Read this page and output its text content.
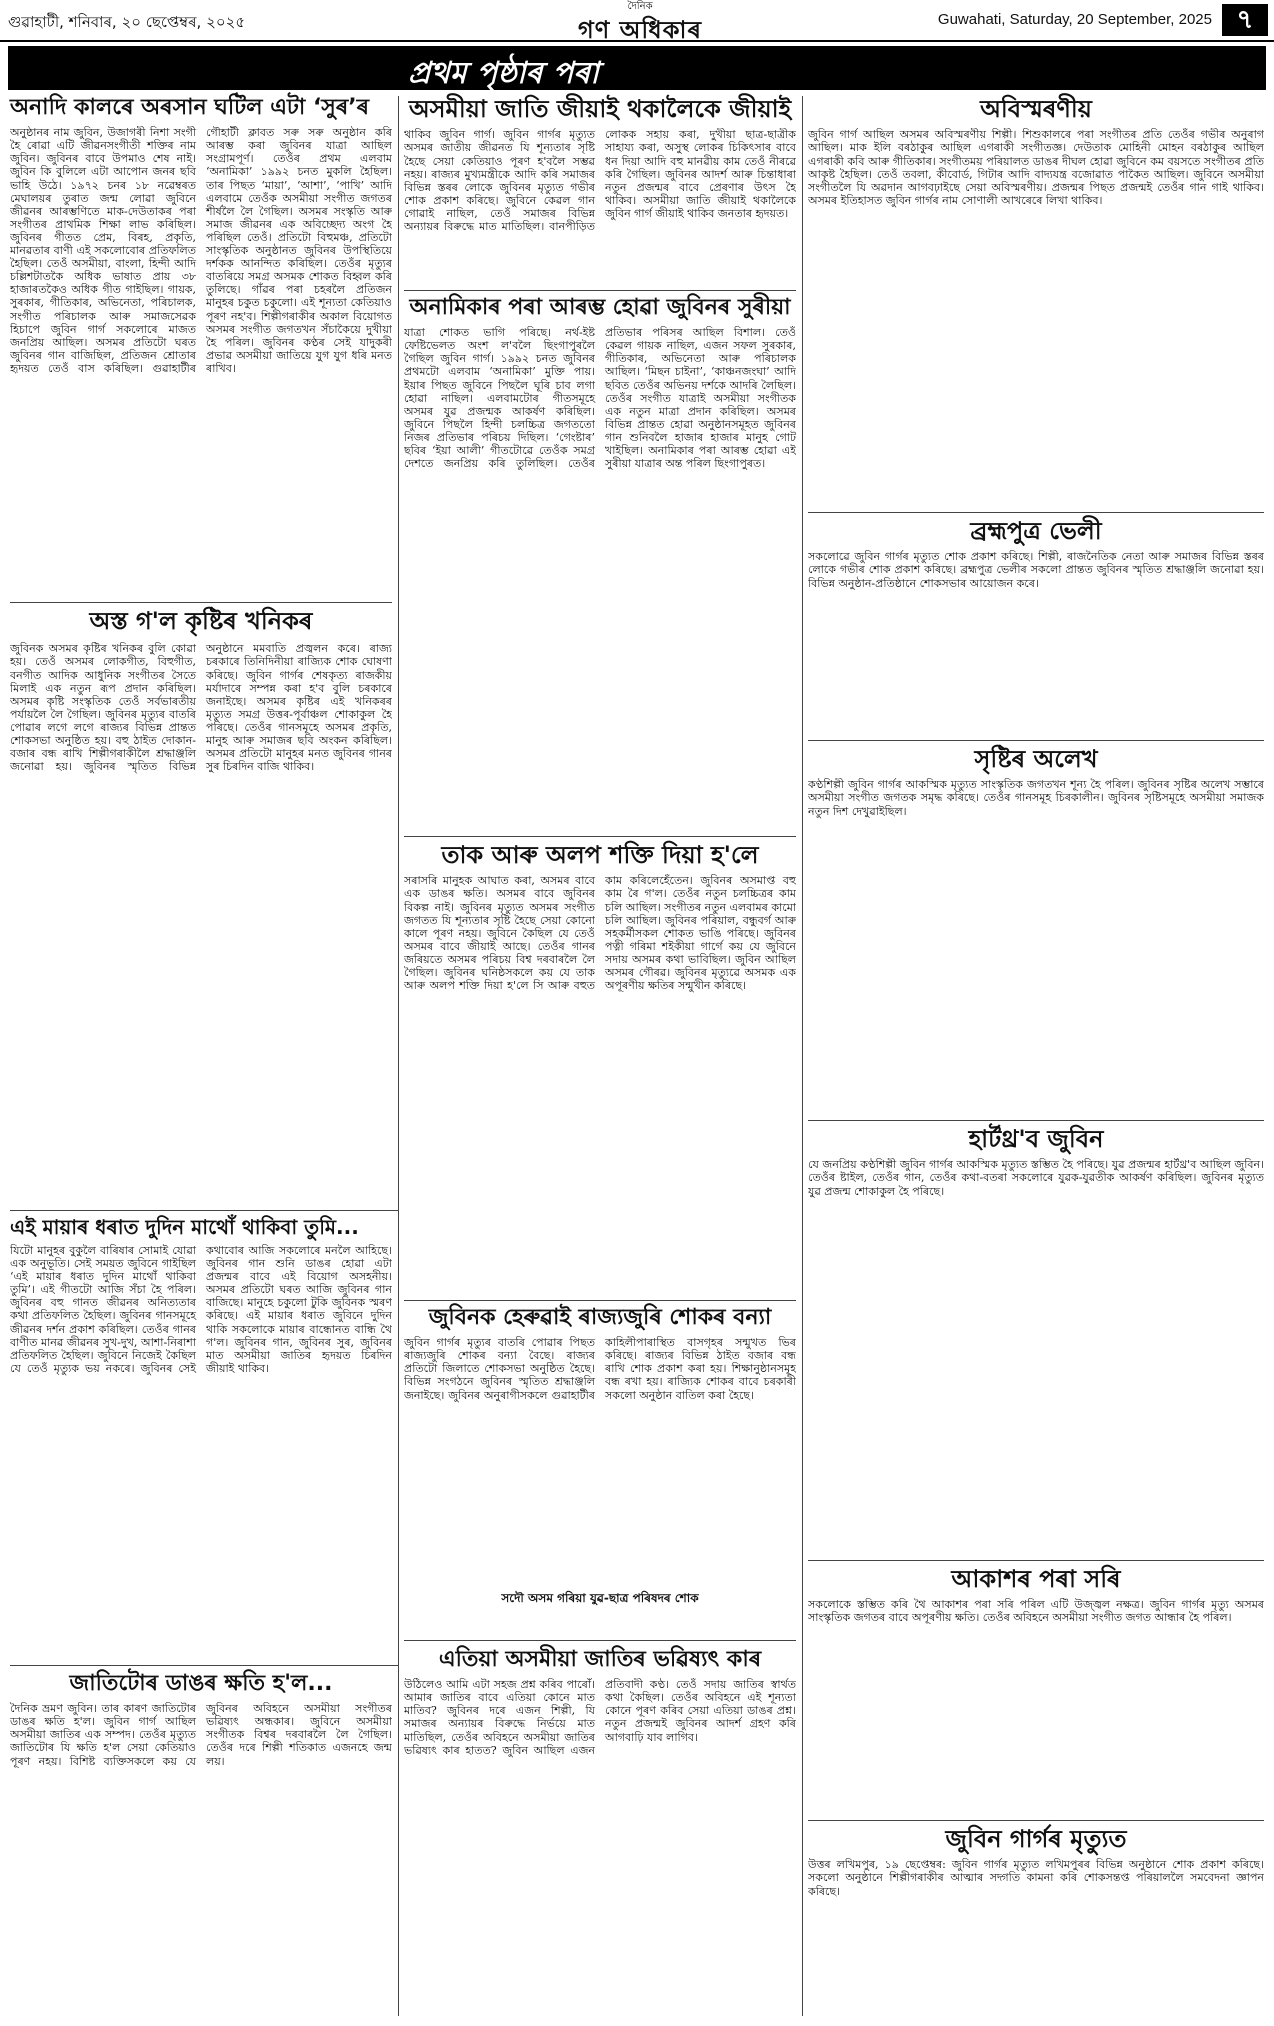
গুৱাহাটী, শনিবাৰ, ২০ ছেপ্তেম্বৰ, ২০২৫
দৈনিক
গণ অধিকাৰ	Guwahati, Saturday, 20 September, 2025 ৭
প্ৰথম পৃষ্ঠাৰ পৰা
অনাদি কালৰে অৰসান ঘটিল এটা ‘সুৰ’ৰ

অনুষ্ঠানৰ নাম জুবিন, উজাগৰী নিশা সংগী হৈ ৰোৱা এটি জীৱনসংগীতী শক্তিৰ নাম জুবিন। জুবিনৰ বাবে উপমাও শেষ নাই। জুবিন কি বুলিলে এটা আপোন জনৰ ছবি ভাহি উঠে। ১৯৭২ চনৰ ১৮ নৱেম্বৰত মেঘালয়ৰ তুৰাত জন্ম লোৱা জুবিনে জীৱনৰ আৰম্ভণিতে মাক-দেউতাকৰ পৰা সংগীতৰ প্ৰাথমিক শিক্ষা লাভ কৰিছিল। জুবিনৰ গীতত প্ৰেম, বিৰহ, প্ৰকৃতি, মানৱতাৰ বাণী এই সকলোবোৰ প্ৰতিফলিত হৈছিল। তেওঁ অসমীয়া, বাংলা, হিন্দী আদি চল্লিশটাতকৈ অধিক ভাষাত প্ৰায় ৩৮ হাজাৰতকৈও অধিক গীত গাইছিল। গায়ক, সুৰকাৰ, গীতিকাৰ, অভিনেতা, পৰিচালক, সংগীত পৰিচালক আৰু সমাজসেৱক হিচাপে জুবিন গাৰ্গ সকলোৰে মাজত জনপ্ৰিয় আছিল। অসমৰ প্ৰতিটো ঘৰত জুবিনৰ গান বাজিছিল, প্ৰতিজন শ্ৰোতাৰ হৃদয়ত তেওঁ বাস কৰিছিল। গুৱাহাটীৰ গৌহাটী ক্লাবত সৰু সৰু অনুষ্ঠান কৰি আৰম্ভ কৰা জুবিনৰ যাত্ৰা আছিল সংগ্ৰামপূৰ্ণ। তেওঁৰ প্ৰথম এলবাম ‘অনামিকা’ ১৯৯২ চনত মুকলি হৈছিল। তাৰ পিছত ‘মায়া’, ‘আশা’, ‘পাখি’ আদি এলবামে তেওঁক অসমীয়া সংগীত জগতৰ শীৰ্ষলৈ লৈ গৈছিল। অসমৰ সংস্কৃতি আৰু সমাজ জীৱনৰ এক অবিচ্ছেদ্য অংগ হৈ পৰিছিল তেওঁ। প্ৰতিটো বিহুমঞ্চ, প্ৰতিটো সাংস্কৃতিক অনুষ্ঠানত জুবিনৰ উপস্থিতিয়ে দৰ্শকক আনন্দিত কৰিছিল। তেওঁৰ মৃত্যুৰ বাতৰিয়ে সমগ্ৰ অসমক শোকত বিহ্বল কৰি তুলিছে। গাঁৱৰ পৰা চহৰলৈ প্ৰতিজন মানুহৰ চকুত চকুলো। এই শূন্যতা কেতিয়াও পূৰণ নহ'ব। শিল্পীগৰাকীৰ অকাল বিয়োগত অসমৰ সংগীত জগতখন সঁচাকৈয়ে দুখীয়া হৈ পৰিল। জুবিনৰ কণ্ঠৰ সেই যাদুকৰী প্ৰভাৱ অসমীয়া জাতিয়ে যুগ যুগ ধৰি মনত ৰাখিব।

অস্ত গ'ল কৃষ্টিৰ খনিকৰ

জুবিনক অসমৰ কৃষ্টিৰ খনিকৰ বুলি কোৱা হয়। তেওঁ অসমৰ লোকগীত, বিহুগীত, বনগীত আদিক আধুনিক সংগীতৰ সৈতে মিলাই এক নতুন ৰূপ প্ৰদান কৰিছিল। অসমৰ কৃষ্টি সংস্কৃতিক তেওঁ সৰ্বভাৰতীয় পৰ্যায়লৈ লৈ গৈছিল। জুবিনৰ মৃত্যুৰ বাতৰি পোৱাৰ লগে লগে ৰাজ্যৰ বিভিন্ন প্ৰান্তত শোকসভা অনুষ্ঠিত হয়। বহু ঠাইত দোকান-বজাৰ বন্ধ ৰাখি শিল্পীগৰাকীলৈ শ্ৰদ্ধাঞ্জলি জনোৱা হয়। জুবিনৰ স্মৃতিত বিভিন্ন অনুষ্ঠানে মমবাতি প্ৰজ্বলন কৰে। ৰাজ্য চৰকাৰে তিনিদিনীয়া ৰাজ্যিক শোক ঘোষণা কৰিছে। জুবিন গাৰ্গৰ শেষকৃত্য ৰাজকীয় মৰ্যাদাৰে সম্পন্ন কৰা হ'ব বুলি চৰকাৰে জনাইছে। অসমৰ কৃষ্টিৰ এই খনিকৰৰ মৃত্যুত সমগ্ৰ উত্তৰ-পূৰ্বাঞ্চল শোকাকুল হৈ পৰিছে। তেওঁৰ গানসমূহে অসমৰ প্ৰকৃতি, মানুহ আৰু সমাজৰ ছবি অংকন কৰিছিল। অসমৰ প্ৰতিটো মানুহৰ মনত জুবিনৰ গানৰ সুৰ চিৰদিন বাজি থাকিব।

অসমীয়া জাতি জীয়াই থকালৈকে জীয়াই

থাকিব জুবিন গাৰ্গ। জুবিন গাৰ্গৰ মৃত্যুত অসমৰ জাতীয় জীৱনত যি শূন্যতাৰ সৃষ্টি হৈছে সেয়া কেতিয়াও পূৰণ হ'বলৈ সম্ভৱ নহয়। ৰাজ্যৰ মুখ্যমন্ত্ৰীকে আদি কৰি সমাজৰ বিভিন্ন স্তৰৰ লোকে জুবিনৰ মৃত্যুত গভীৰ শোক প্ৰকাশ কৰিছে। জুবিনে কেৱল গান গোৱাই নাছিল, তেওঁ সমাজৰ বিভিন্ন অন্যায়ৰ বিৰুদ্ধে মাত মাতিছিল। বানপীড়িত লোকক সহায় কৰা, দুখীয়া ছাত্ৰ-ছাত্ৰীক সাহায্য কৰা, অসুস্থ লোকৰ চিকিৎসাৰ বাবে ধন দিয়া আদি বহু মানৱীয় কাম তেওঁ নীৰৱে কৰি গৈছিল। জুবিনৰ আদৰ্শ আৰু চিন্তাধাৰা নতুন প্ৰজন্মৰ বাবে প্ৰেৰণাৰ উৎস হৈ থাকিব। অসমীয়া জাতি জীয়াই থকালৈকে জুবিন গাৰ্গ জীয়াই থাকিব জনতাৰ হৃদয়ত।

অনামিকাৰ পৰা আৰম্ভ হোৱা জুবিনৰ সুৰীয়া

যাত্ৰা শোকত ভাগি পৰিছে। নৰ্থ-ইষ্ট ফেষ্টিভেলত অংশ ল'বলৈ ছিংগাপুৰলৈ গৈছিল জুবিন গাৰ্গ। ১৯৯২ চনত জুবিনৰ প্ৰথমটো এলবাম ‘অনামিকা’ মুক্তি পায়। ইয়াৰ পিছত জুবিনে পিছলৈ ঘূৰি চাব লগা হোৱা নাছিল। এলবামটোৰ গীতসমূহে অসমৰ যুৱ প্ৰজন্মক আকৰ্ষণ কৰিছিল। জুবিনে পিছলৈ হিন্দী চলচ্চিত্ৰ জগততো নিজৰ প্ৰতিভাৰ পৰিচয় দিছিল। ‘গেংষ্টাৰ’ ছবিৰ ‘ইয়া আলী’ গীতটোৱে তেওঁক সমগ্ৰ দেশতে জনপ্ৰিয় কৰি তুলিছিল। তেওঁৰ প্ৰতিভাৰ পৰিসৰ আছিল বিশাল। তেওঁ কেৱল গায়ক নাছিল, এজন সফল সুৰকাৰ, গীতিকাৰ, অভিনেতা আৰু পৰিচালক আছিল। ‘মিছন চাইনা’, ‘কাঞ্চনজংঘা’ আদি ছবিত তেওঁৰ অভিনয় দৰ্শকে আদৰি লৈছিল। তেওঁৰ সংগীত যাত্ৰাই অসমীয়া সংগীতক এক নতুন মাত্ৰা প্ৰদান কৰিছিল। অসমৰ বিভিন্ন প্ৰান্তত হোৱা অনুষ্ঠানসমূহত জুবিনৰ গান শুনিবলৈ হাজাৰ হাজাৰ মানুহ গোট খাইছিল। অনামিকাৰ পৰা আৰম্ভ হোৱা এই সুৰীয়া যাত্ৰাৰ অন্ত পৰিল ছিংগাপুৰত।

তাক আৰু অলপ শক্তি দিয়া হ'লে

সৰাসৰি মানুহক আঘাত কৰা, অসমৰ বাবে এক ডাঙৰ ক্ষতি। অসমৰ বাবে জুবিনৰ বিকল্প নাই। জুবিনৰ মৃত্যুত অসমৰ সংগীত জগতত যি শূন্যতাৰ সৃষ্টি হৈছে সেয়া কোনো কালে পূৰণ নহয়। জুবিনে কৈছিল যে তেওঁ অসমৰ বাবে জীয়াই আছে। তেওঁৰ গানৰ জৰিয়তে অসমৰ পৰিচয় বিশ্ব দৰবাৰলৈ লৈ গৈছিল। জুবিনৰ ঘনিষ্ঠসকলে কয় যে তাক আৰু অলপ শক্তি দিয়া হ'লে সি আৰু বহুত কাম কৰিলেহেঁতেন। জুবিনৰ অসমাপ্ত বহু কাম ৰৈ গ'ল। তেওঁৰ নতুন চলচ্চিত্ৰৰ কাম চলি আছিল। সংগীতৰ নতুন এলবামৰ কামো চলি আছিল। জুবিনৰ পৰিয়াল, বন্ধুবৰ্গ আৰু সহকৰ্মীসকল শোকত ভাঙি পৰিছে। জুবিনৰ পত্নী গৰিমা শইকীয়া গাৰ্গে কয় যে জুবিনে সদায় অসমৰ কথা ভাবিছিল। জুবিন আছিল অসমৰ গৌৰৱ। জুবিনৰ মৃত্যুৱে অসমক এক অপূৰণীয় ক্ষতিৰ সন্মুখীন কৰিছে।

এই মায়াৰ ধৰাত দুদিন মাথোঁ থাকিবা তুমি...

যিটো মানুহৰ বুকুলৈ বাৰিষাৰ সোমাই যোৱা এক অনুভূতি। সেই সময়ত জুবিনে গাইছিল ‘এই মায়াৰ ধৰাত দুদিন মাথোঁ থাকিবা তুমি’। এই গীতটো আজি সঁচা হৈ পৰিল। জুবিনৰ বহু গানত জীৱনৰ অনিত্যতাৰ কথা প্ৰতিফলিত হৈছিল। জুবিনৰ গানসমূহে জীৱনৰ দৰ্শন প্ৰকাশ কৰিছিল। তেওঁৰ গানৰ বাণীত মানৱ জীৱনৰ সুখ-দুখ, আশা-নিৰাশা প্ৰতিফলিত হৈছিল। জুবিনে নিজেই কৈছিল যে তেওঁ মৃত্যুক ভয় নকৰে। জুবিনৰ সেই কথাবোৰ আজি সকলোৰে মনলৈ আহিছে। জুবিনৰ গান শুনি ডাঙৰ হোৱা এটা প্ৰজন্মৰ বাবে এই বিয়োগ অসহনীয়। অসমৰ প্ৰতিটো ঘৰত আজি জুবিনৰ গান বাজিছে। মানুহে চকুলো টুকি জুবিনক স্মৰণ কৰিছে। এই মায়াৰ ধৰাত জুবিনে দুদিন থাকি সকলোকে মায়াৰ বান্ধোনত বান্ধি থৈ গ'ল। জুবিনৰ গান, জুবিনৰ সুৰ, জুবিনৰ মাত অসমীয়া জাতিৰ হৃদয়ত চিৰদিন জীয়াই থাকিব।

জুবিনক হেৰুৱাই ৰাজ্যজুৰি শোকৰ বন্যা

জুবিন গাৰ্গৰ মৃত্যুৰ বাতৰি পোৱাৰ পিছত ৰাজ্যজুৰি শোকৰ বন্যা বৈছে। ৰাজ্যৰ প্ৰতিটো জিলাতে শোকসভা অনুষ্ঠিত হৈছে। বিভিন্ন সংগঠনে জুবিনৰ স্মৃতিত শ্ৰদ্ধাঞ্জলি জনাইছে। জুবিনৰ অনুৰাগীসকলে গুৱাহাটীৰ কাহিলীপাৰাস্থিত বাসগৃহৰ সন্মুখত ভিৰ কৰিছে। ৰাজ্যৰ বিভিন্ন ঠাইত বজাৰ বন্ধ ৰাখি শোক প্ৰকাশ কৰা হয়। শিক্ষানুষ্ঠানসমূহ বন্ধ ৰখা হয়। ৰাজ্যিক শোকৰ বাবে চৰকাৰী সকলো অনুষ্ঠান বাতিল কৰা হৈছে।

সদৌ অসম গৰিয়া যুৱ-ছাত্ৰ পৰিষদৰ শোক
জাতিটোৰ ডাঙৰ ক্ষতি হ'ল...

দৈনিক ভ্ৰমণ জুবিন। তাৰ কাৰণ জাতিটোৰ ডাঙৰ ক্ষতি হ'ল। জুবিন গাৰ্গ আছিল অসমীয়া জাতিৰ এক সম্পদ। তেওঁৰ মৃত্যুত জাতিটোৰ যি ক্ষতি হ'ল সেয়া কেতিয়াও পূৰণ নহয়। বিশিষ্ট ব্যক্তিসকলে কয় যে জুবিনৰ অবিহনে অসমীয়া সংগীতৰ ভৱিষ্যৎ অন্ধকাৰ। জুবিনে অসমীয়া সংগীতক বিশ্বৰ দৰবাৰলৈ লৈ গৈছিল। তেওঁৰ দৰে শিল্পী শতিকাত এজনহে জন্ম লয়।

এতিয়া অসমীয়া জাতিৰ ভৱিষ্যৎ কাৰ

উঠিলেও আমি এটা সহজ প্ৰশ্ন কৰিব পাৰোঁ। আমাৰ জাতিৰ বাবে এতিয়া কোনে মাত মাতিব? জুবিনৰ দৰে এজন শিল্পী, যি সমাজৰ অন্যায়ৰ বিৰুদ্ধে নিৰ্ভয়ে মাত মাতিছিল, তেওঁৰ অবিহনে অসমীয়া জাতিৰ ভৱিষ্যৎ কাৰ হাতত? জুবিন আছিল এজন প্ৰতিবাদী কণ্ঠ। তেওঁ সদায় জাতিৰ স্বাৰ্থত কথা কৈছিল। তেওঁৰ অবিহনে এই শূন্যতা কোনে পূৰণ কৰিব সেয়া এতিয়া ডাঙৰ প্ৰশ্ন। নতুন প্ৰজন্মই জুবিনৰ আদৰ্শ গ্ৰহণ কৰি আগবাঢ়ি যাব লাগিব।

অবিস্মৰণীয়

জুবিন গাৰ্গ আছিল অসমৰ অবিস্মৰণীয় শিল্পী। শিশুকালৰে পৰা সংগীতৰ প্ৰতি তেওঁৰ গভীৰ অনুৰাগ আছিল। মাক ইলি বৰঠাকুৰ আছিল এগৰাকী সংগীতজ্ঞ। দেউতাক মোহিনী মোহন বৰঠাকুৰ আছিল এগৰাকী কবি আৰু গীতিকাৰ। সংগীতময় পৰিয়ালত ডাঙৰ দীঘল হোৱা জুবিনে কম বয়সতে সংগীতৰ প্ৰতি আকৃষ্ট হৈছিল। তেওঁ তবলা, কীবোৰ্ড, গিটাৰ আদি বাদ্যযন্ত্ৰ বজোৱাত পাকৈত আছিল। জুবিনে অসমীয়া সংগীতলৈ যি অৱদান আগবঢ়াইছে সেয়া অবিস্মৰণীয়। প্ৰজন্মৰ পিছত প্ৰজন্মই তেওঁৰ গান গাই থাকিব। অসমৰ ইতিহাসত জুবিন গাৰ্গৰ নাম সোণালী আখৰেৰে লিখা থাকিব।

ব্ৰহ্মপুত্ৰ ভেলী

সকলোৱে জুবিন গাৰ্গৰ মৃত্যুত শোক প্ৰকাশ কৰিছে। শিল্পী, ৰাজনৈতিক নেতা আৰু সমাজৰ বিভিন্ন স্তৰৰ লোকে গভীৰ শোক প্ৰকাশ কৰিছে। ব্ৰহ্মপুত্ৰ ভেলীৰ সকলো প্ৰান্তত জুবিনৰ স্মৃতিত শ্ৰদ্ধাঞ্জলি জনোৱা হয়। বিভিন্ন অনুষ্ঠান-প্ৰতিষ্ঠানে শোকসভাৰ আয়োজন কৰে।

সৃষ্টিৰ অলেখ

কণ্ঠশিল্পী জুবিন গাৰ্গৰ আকস্মিক মৃত্যুত সাংস্কৃতিক জগতখন শূন্য হৈ পৰিল। জুবিনৰ সৃষ্টিৰ অলেখ সম্ভাৰে অসমীয়া সংগীত জগতক সমৃদ্ধ কৰিছে। তেওঁৰ গানসমূহ চিৰকালীন। জুবিনৰ সৃষ্টিসমূহে অসমীয়া সমাজক নতুন দিশ দেখুৱাইছিল।

হাৰ্টথ্ৰ'ব জুবিন

যে জনপ্ৰিয় কণ্ঠশিল্পী জুবিন গাৰ্গৰ আকস্মিক মৃত্যুত স্তম্ভিত হৈ পৰিছে। যুৱ প্ৰজন্মৰ হাৰ্টথ্ৰ'ব আছিল জুবিন। তেওঁৰ ষ্টাইল, তেওঁৰ গান, তেওঁৰ কথা-বতৰা সকলোৰে যুৱক-যুৱতীক আকৰ্ষণ কৰিছিল। জুবিনৰ মৃত্যুত যুৱ প্ৰজন্ম শোকাকুল হৈ পৰিছে।

আকাশৰ পৰা সৰি

সকলোকে স্তম্ভিত কৰি থৈ আকাশৰ পৰা সৰি পৰিল এটি উজ্জ্বল নক্ষত্ৰ। জুবিন গাৰ্গৰ মৃত্যু অসমৰ সাংস্কৃতিক জগতৰ বাবে অপূৰণীয় ক্ষতি। তেওঁৰ অবিহনে অসমীয়া সংগীত জগত আন্ধাৰ হৈ পৰিল।

জুবিন গাৰ্গৰ মৃত্যুত

উত্তৰ লখিমপুৰ, ১৯ ছেপ্তেম্বৰ: জুবিন গাৰ্গৰ মৃত্যুত লখিমপুৰৰ বিভিন্ন অনুষ্ঠানে শোক প্ৰকাশ কৰিছে। সকলো অনুষ্ঠানে শিল্পীগৰাকীৰ আত্মাৰ সদ্গতি কামনা কৰি শোকসন্তপ্ত পৰিয়াললৈ সমবেদনা জ্ঞাপন কৰিছে।
